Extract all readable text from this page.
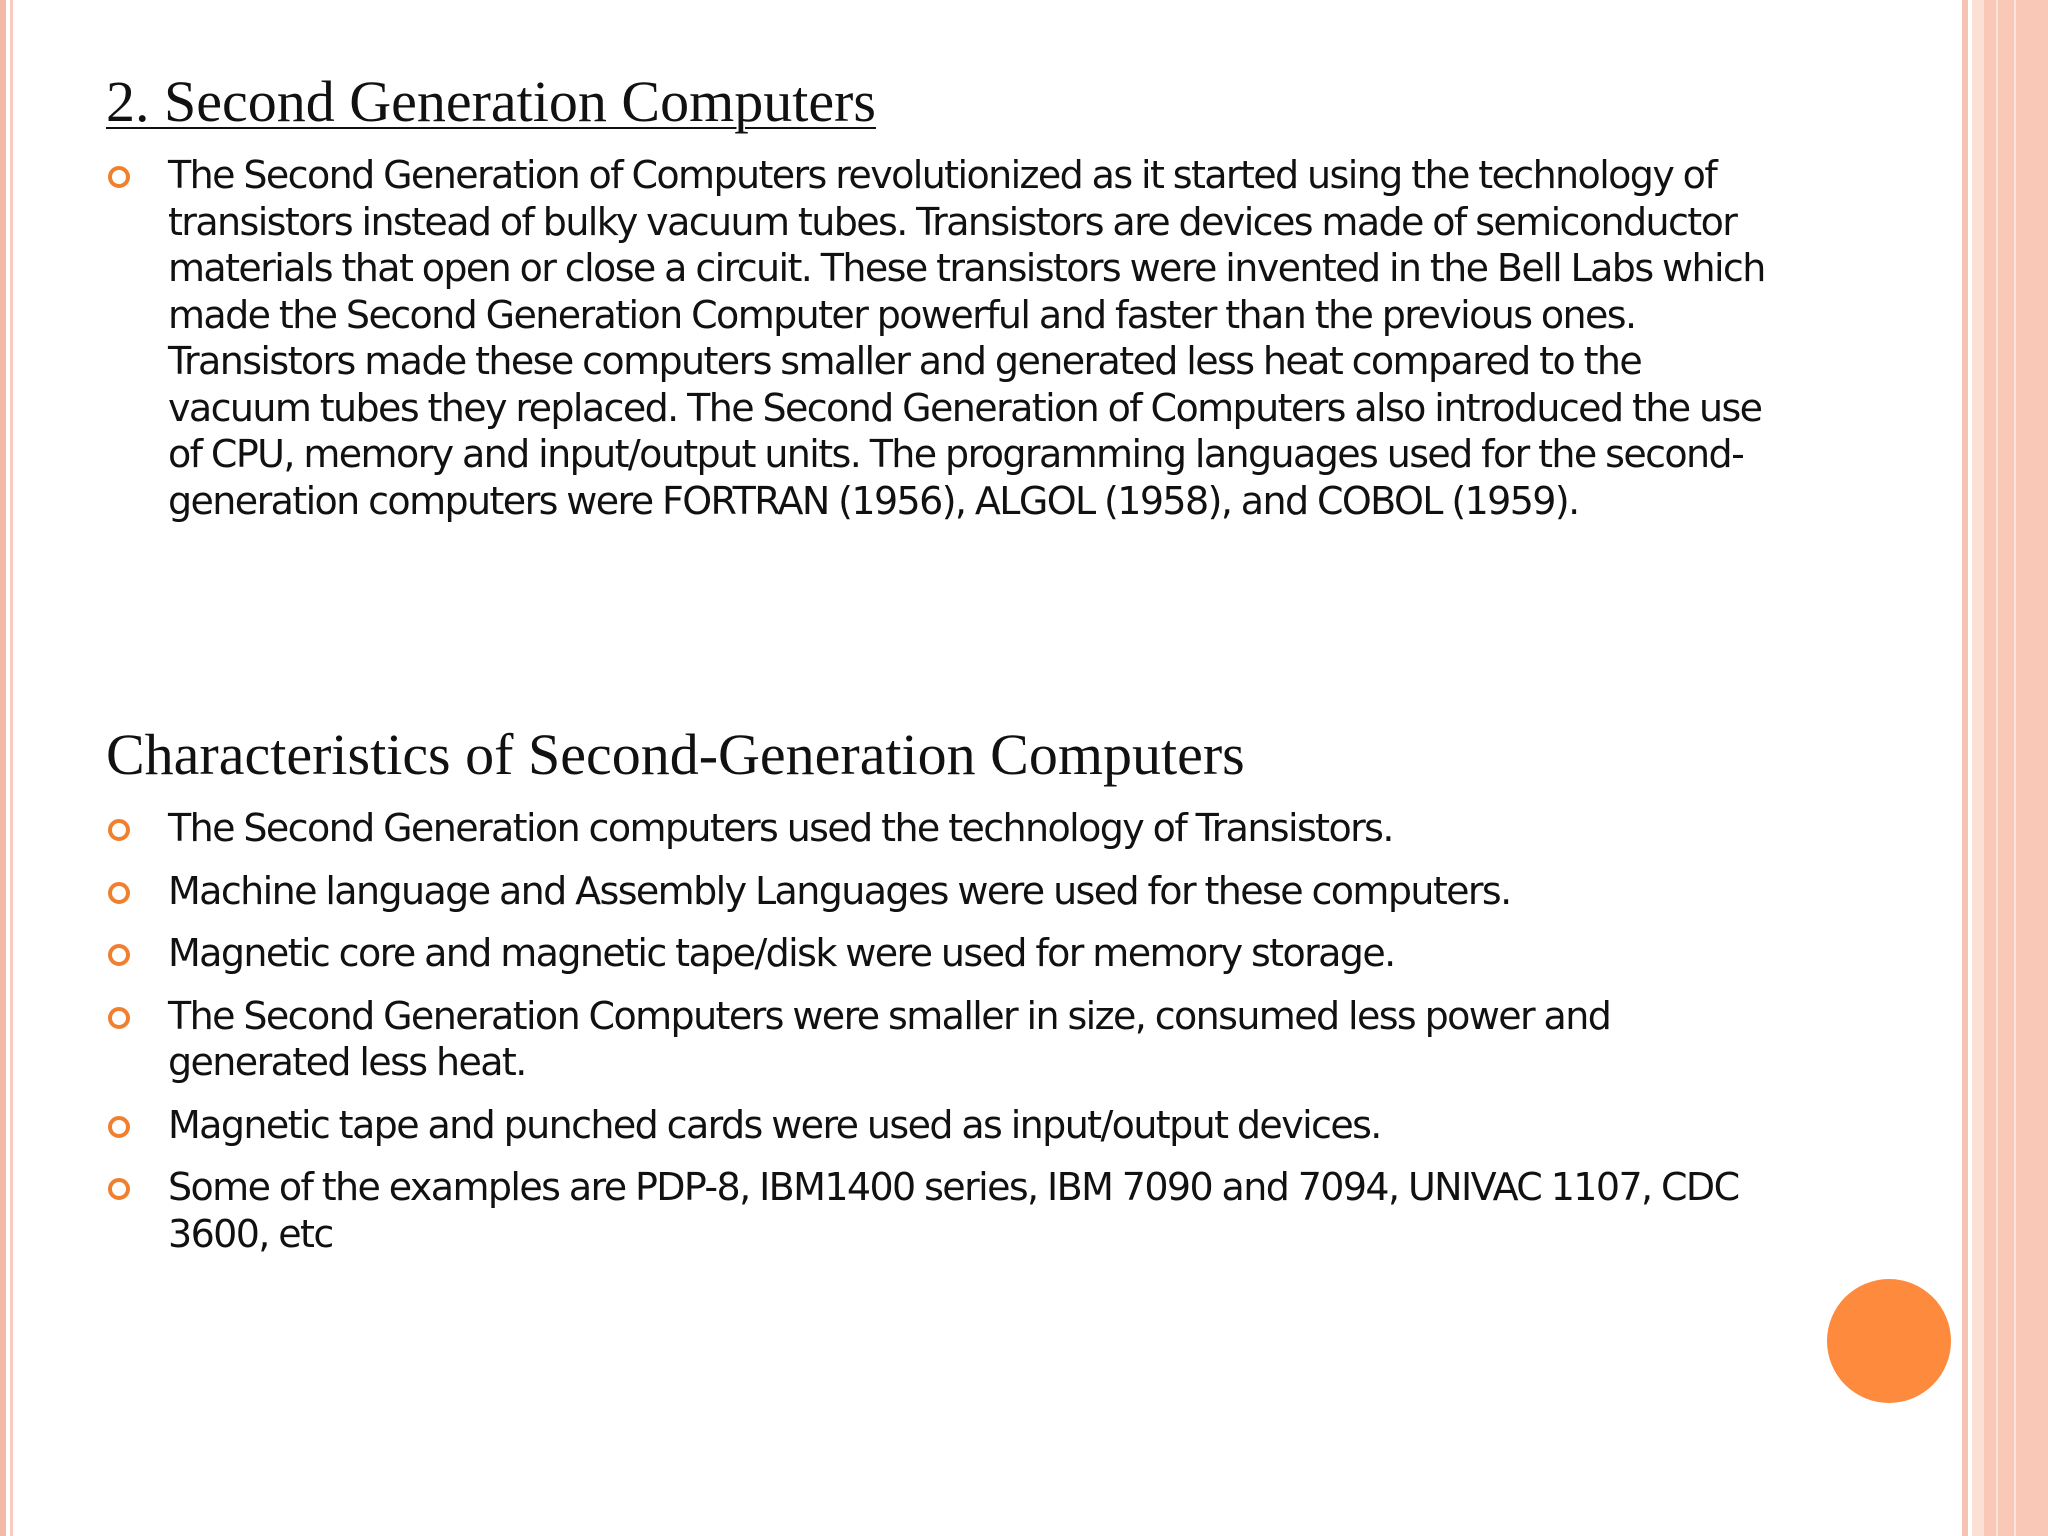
2. Second Generation Computers
The Second Generation of Computers revolutionized as it started using the technology of transistors instead of bulky vacuum tubes. Transistors are devices made of semiconductor materials that open or close a circuit. These transistors were invented in the Bell Labs which made the Second Generation Computer powerful and faster than the previous ones. Transistors made these computers smaller and generated less heat compared to the vacuum tubes they replaced. The Second Generation of Computers also introduced the use of CPU, memory and input/output units. The programming languages used for the second-generation computers were FORTRAN (1956), ALGOL (1958), and COBOL (1959).
Characteristics of Second-Generation Computers
The Second Generation computers used the technology of Transistors.
Machine language and Assembly Languages were used for these computers.
Magnetic core and magnetic tape/disk were used for memory storage.
The Second Generation Computers were smaller in size, consumed less power and generated less heat.
Magnetic tape and punched cards were used as input/output devices.
Some of the examples are PDP-8, IBM1400 series, IBM 7090 and 7094, UNIVAC 1107, CDC 3600, etc
